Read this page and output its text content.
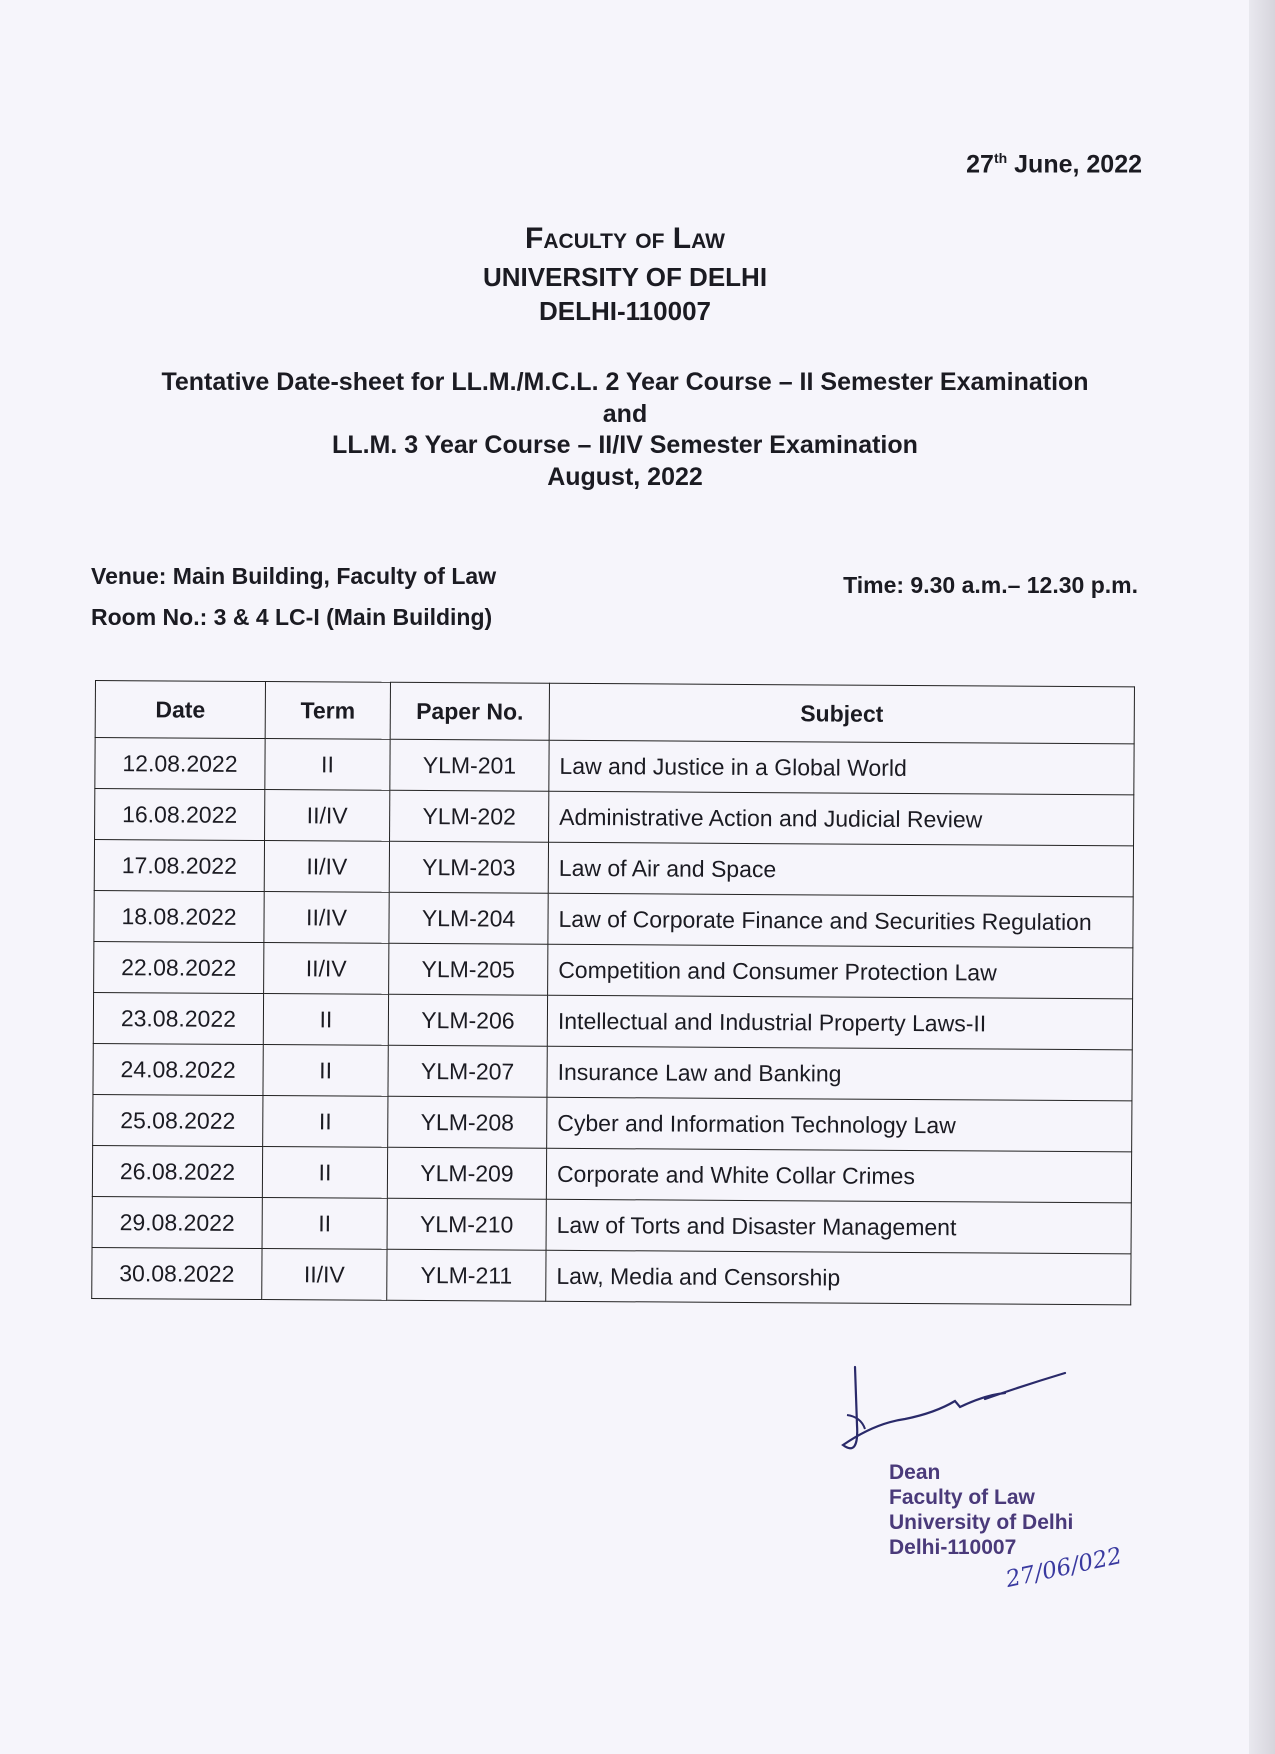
27th June, 2022
Faculty of Law
UNIVERSITY OF DELHI
DELHI-110007
Tentative Date-sheet for LL.M./M.C.L. 2 Year Course – II Semester Examination
and
LL.M. 3 Year Course – II/IV Semester Examination
August, 2022
Venue: Main Building, Faculty of Law
Room No.: 3 & 4 LC-I (Main Building)
Time: 9.30 a.m.– 12.30 p.m.
Date	Term	Paper No.	Subject
12.08.2022	II	YLM-201	Law and Justice in a Global World
16.08.2022	II/IV	YLM-202	Administrative Action and Judicial Review
17.08.2022	II/IV	YLM-203	Law of Air and Space
18.08.2022	II/IV	YLM-204	Law of Corporate Finance and Securities Regulation
22.08.2022	II/IV	YLM-205	Competition and Consumer Protection Law
23.08.2022	II	YLM-206	Intellectual and Industrial Property Laws-II
24.08.2022	II	YLM-207	Insurance Law and Banking
25.08.2022	II	YLM-208	Cyber and Information Technology Law
26.08.2022	II	YLM-209	Corporate and White Collar Crimes
29.08.2022	II	YLM-210	Law of Torts and Disaster Management
30.08.2022	II/IV	YLM-211	Law, Media and Censorship
Dean
Faculty of Law
University of Delhi
Delhi-110007
27/06/022
